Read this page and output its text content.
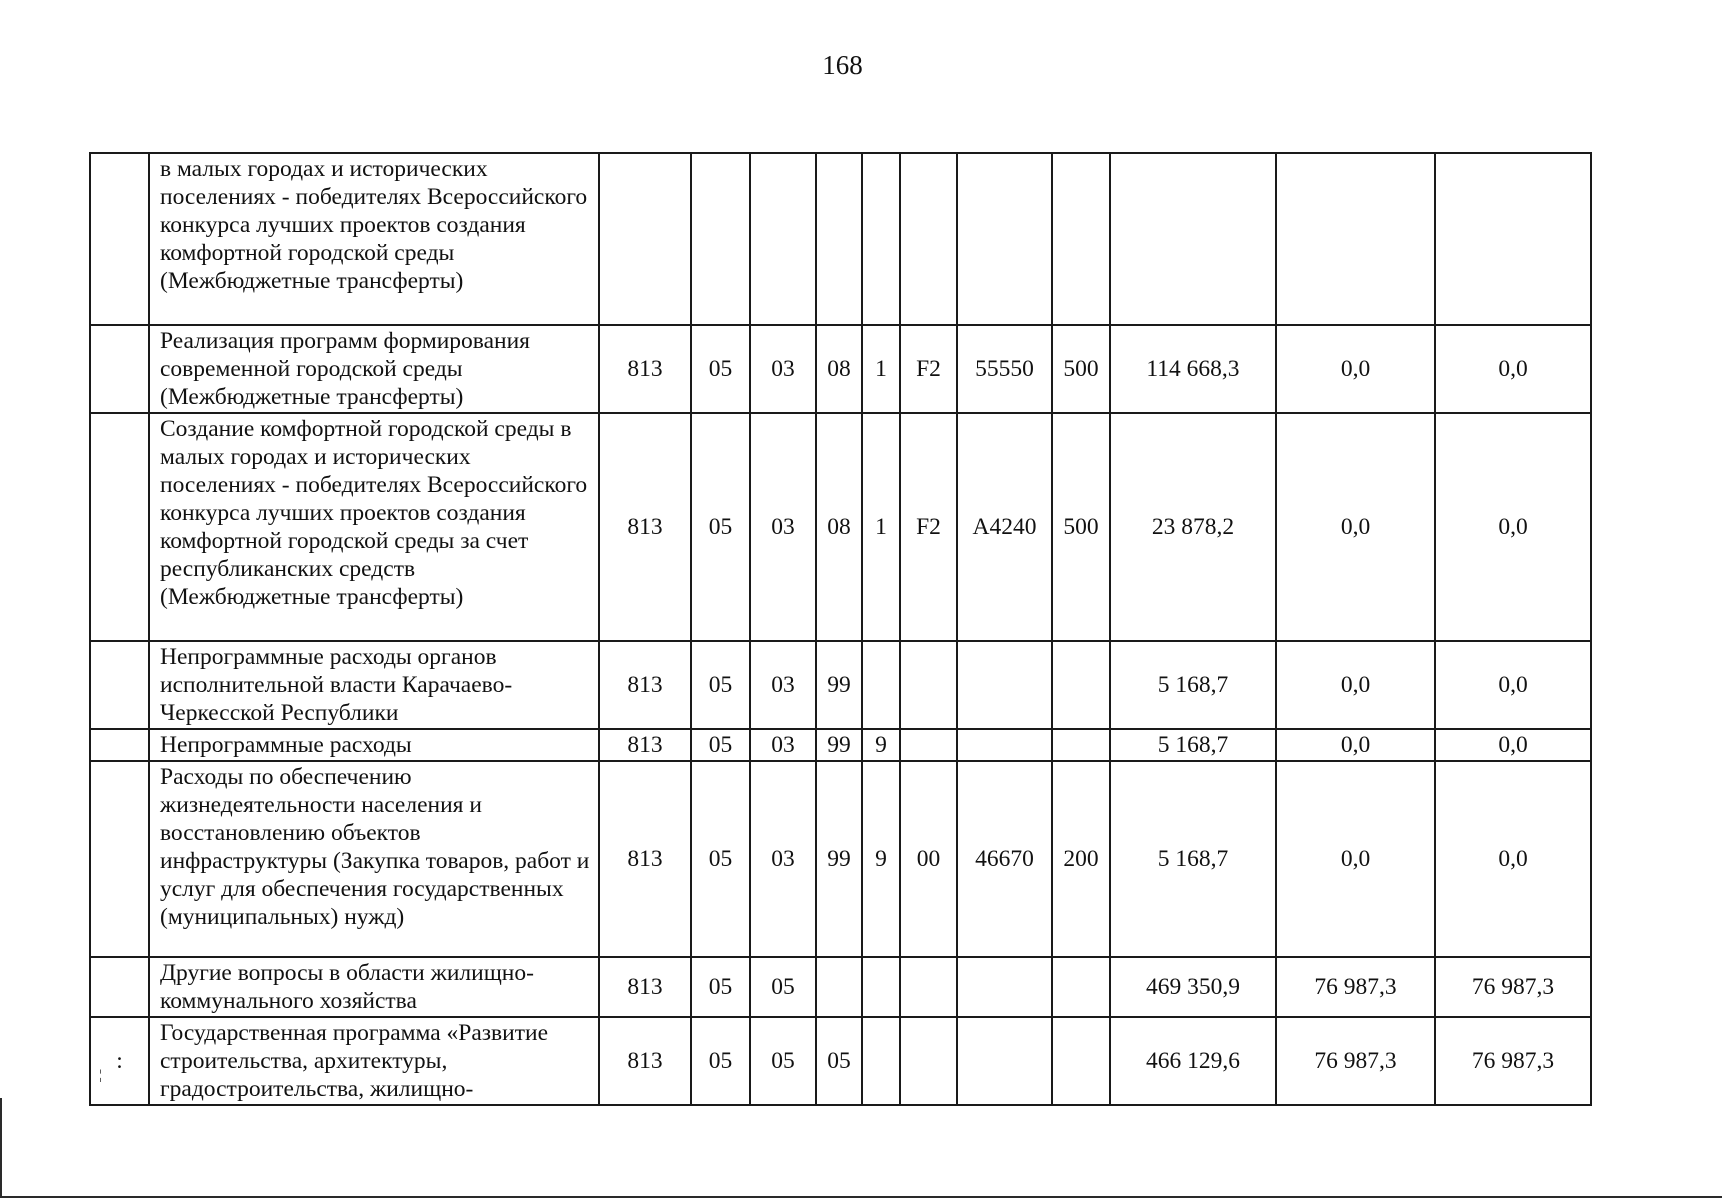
168
	в малых городах и исторических поселениях - победителях Всероссийского конкурса лучших проектов создания комфортной городской среды (Межбюджетные трансферты)											
	Реализация программ формирования современной городской среды (Межбюджетные трансферты)	813	05	03	08	1	F2	55550	500	114 668,3	0,0	0,0
	Создание комфортной городской среды в малых городах и исторических поселениях - победителях Всероссийского конкурса лучших проектов создания комфортной городской среды за счет республиканских средств (Межбюджетные трансферты)	813	05	03	08	1	F2	А4240	500	23 878,2	0,0	0,0
	Непрограммные расходы органов исполнительной власти Карачаево-Черкесской Республики	813	05	03	99					5 168,7	0,0	0,0
	Непрограммные расходы	813	05	03	99	9				5 168,7	0,0	0,0
	Расходы по обеспечению жизнедеятельности населения и восстановлению объектов инфраструктуры (Закупка товаров, работ и услуг для обеспечения государственных (муниципальных) нужд)	813	05	03	99	9	00	46670	200	5 168,7	0,0	0,0
	Другие вопросы в области жилищно-коммунального хозяйства	813	05	05						469 350,9	76 987,3	76 987,3
:	Государственная программа «Развитие строительства, архитектуры, градостроительства, жилищно-	813	05	05	05					466 129,6	76 987,3	76 987,3
¦
